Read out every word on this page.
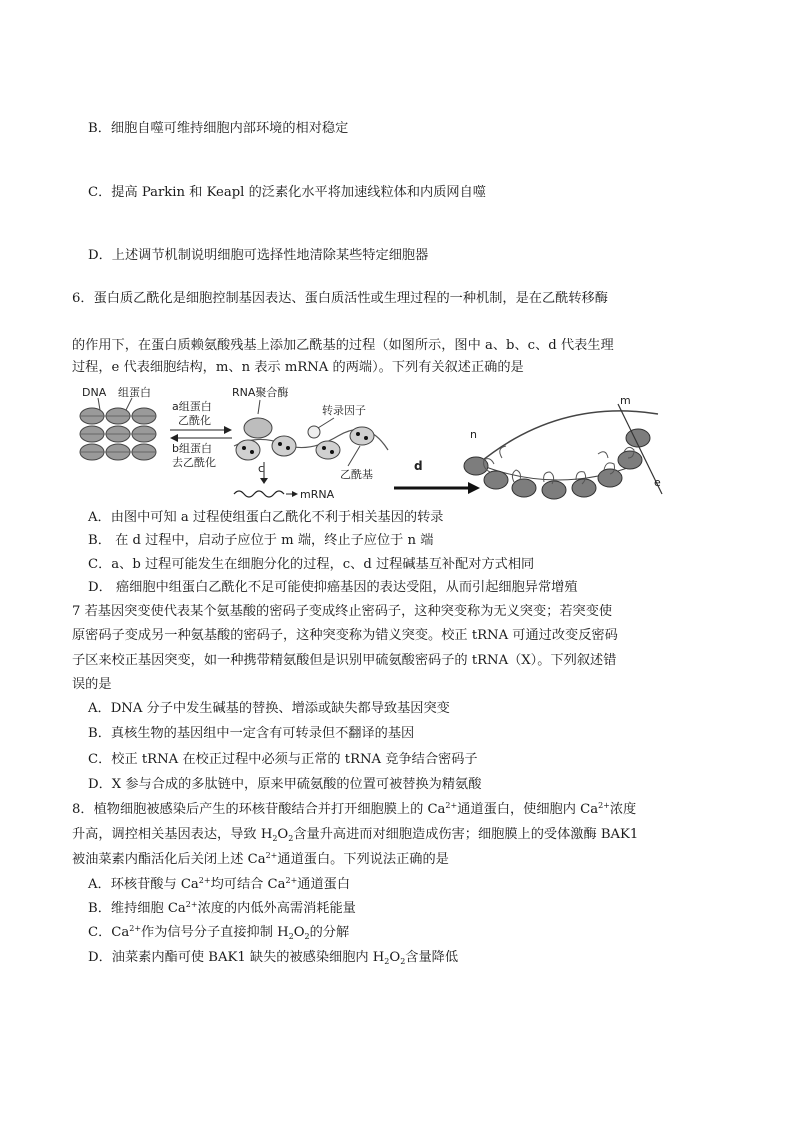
B．细胞自噬可维持细胞内部环境的相对稳定
C．提高 Parkin 和 Keapl 的泛素化水平将加速线粒体和内质网自噬
D．上述调节机制说明细胞可选择性地清除某些特定细胞器
6．蛋白质乙酰化是细胞控制基因表达、蛋白质活性或生理过程的一种机制，是在乙酰转移酶
的作用下，在蛋白质赖氨酸残基上添加乙酰基的过程（如图所示，图中 a、b、c、d 代表生理
过程，e 代表细胞结构，m、n 表示 mRNA 的两端）。下列有关叙述正确的是
DNA 组蛋白
a组蛋白
乙酰化
b组蛋白
去乙酰化
RNA聚合酶
转录因子
乙酰基
c
mRNA
d
m
n
e
A．由图中可知 a 过程使组蛋白乙酰化不利于相关基因的转录
B． 在 d 过程中，启动子应位于 m 端，终止子应位于 n 端
C．a、b 过程可能发生在细胞分化的过程，c、d 过程碱基互补配对方式相同
D． 癌细胞中组蛋白乙酰化不足可能使抑癌基因的表达受阻，从而引起细胞异常增殖
7 若基因突变使代表某个氨基酸的密码子变成终止密码子，这种突变称为无义突变；若突变使
原密码子变成另一种氨基酸的密码子，这种突变称为错义突变。校正 tRNA 可通过改变反密码
子区来校正基因突变，如一种携带精氨酸但是识别甲硫氨酸密码子的 tRNA（X）。下列叙述错
误的是
A．DNA 分子中发生碱基的替换、增添或缺失都导致基因突变
B．真核生物的基因组中一定含有可转录但不翻译的基因
C．校正 tRNA 在校正过程中必须与正常的 tRNA 竞争结合密码子
D．X 参与合成的多肽链中，原来甲硫氨酸的位置可被替换为精氨酸
8．植物细胞被感染后产生的环核苷酸结合并打开细胞膜上的 $Ca^{2+}$通道蛋白，使细胞内 $Ca^{2+}$浓度
升高，调控相关基因表达，导致 $H_2O_2$含量升高进而对细胞造成伤害；细胞膜上的受体激酶 BAK1
被油菜素内酯活化后关闭上述 $Ca^{2+}$通道蛋白。下列说法正确的是
A．环核苷酸与 $Ca^{2+}$均可结合 $Ca^{2+}$通道蛋白
B．维持细胞 $Ca^{2+}$浓度的内低外高需消耗能量
C．$Ca^{2+}$作为信号分子直接抑制 $H_2O_2$的分解
D．油菜素内酯可使 BAK1 缺失的被感染细胞内 $H_2O_2$含量降低
